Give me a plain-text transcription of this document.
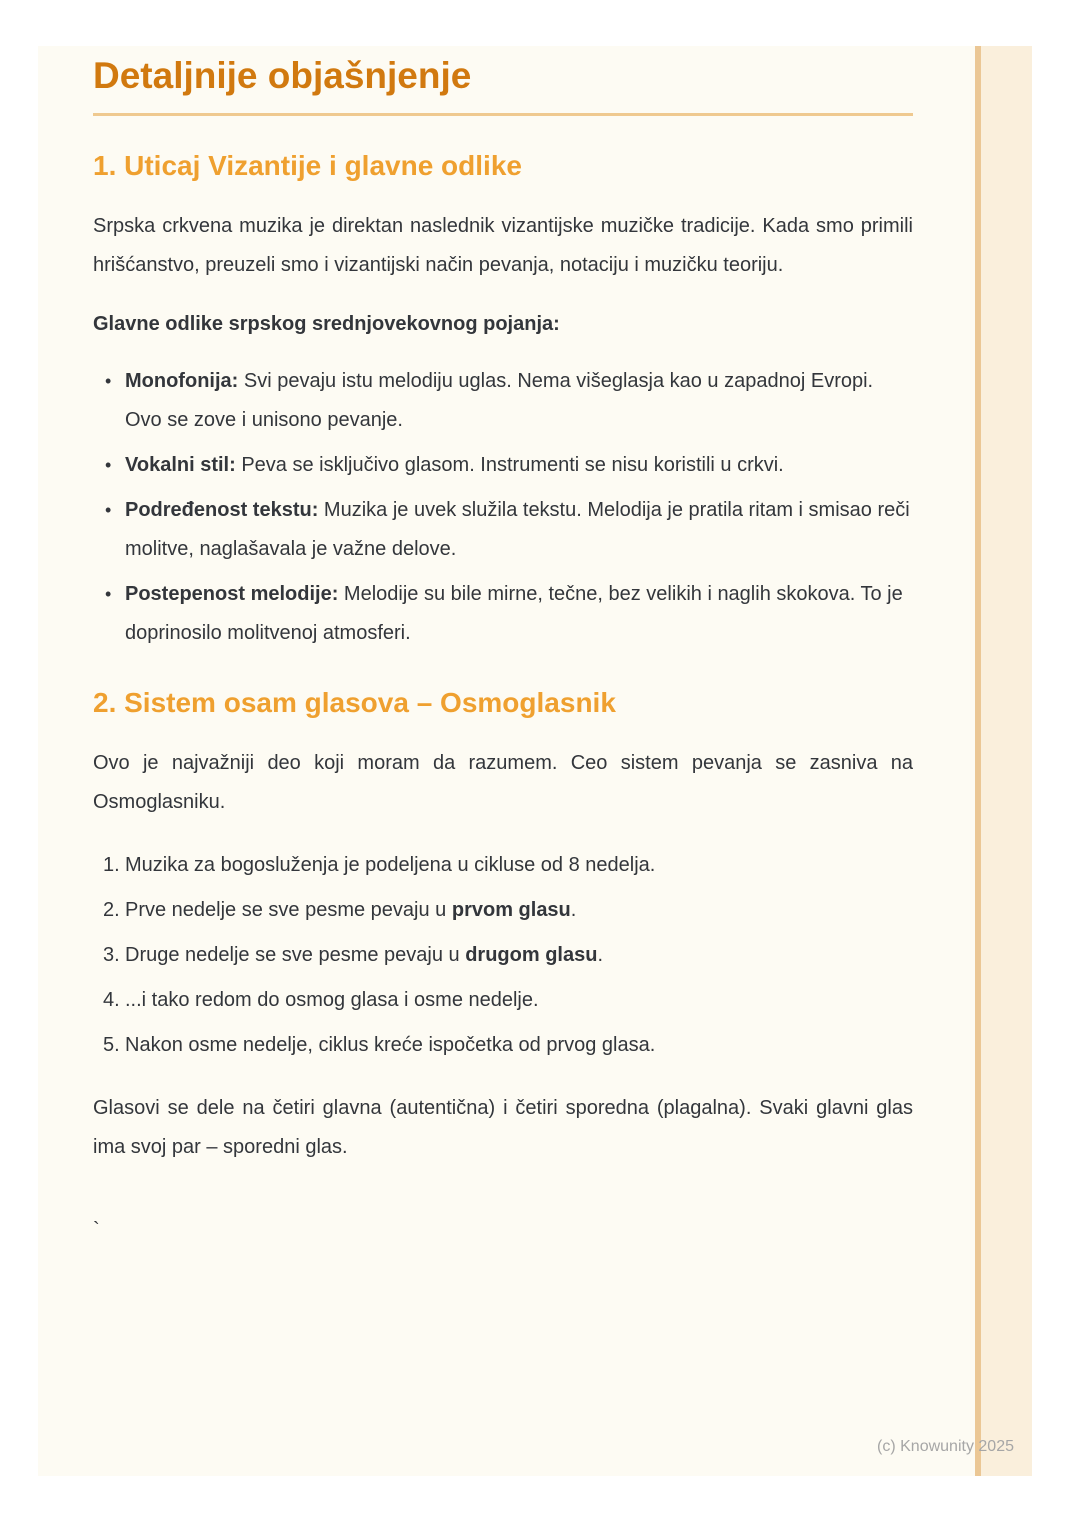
Detaljnije objašnjenje
1. Uticaj Vizantije i glavne odlike

Srpska crkvena muzika je direktan naslednik vizantijske muzičke tradicije. Kada smo primili hrišćanstvo, preuzeli smo i vizantijski način pevanja, notaciju i muzičku teoriju.

Glavne odlike srpskog srednjovekovnog pojanja:

• Monofonija: Svi pevaju istu melodiju uglas. Nema višeglasja kao u zapadnoj Evropi. Ovo se zove i unisono pevanje.
• Vokalni stil: Peva se isključivo glasom. Instrumenti se nisu koristili u crkvi.
• Podređenost tekstu: Muzika je uvek služila tekstu. Melodija je pratila ritam i smisao reči molitve, naglašavala je važne delove.
• Postepenost melodije: Melodije su bile mirne, tečne, bez velikih i naglih skokova. To je doprinosilo molitvenoj atmosferi.
2. Sistem osam glasova – Osmoglasnik

Ovo je najvažniji deo koji moram da razumem. Ceo sistem pevanja se zasniva na Osmoglasniku.

1. Muzika za bogosluženja je podeljena u cikluse od 8 nedelja.
2. Prve nedelje se sve pesme pevaju u prvom glasu.
3. Druge nedelje se sve pesme pevaju u drugom glasu.
4. ...i tako redom do osmog glasa i osme nedelje.
5. Nakon osme nedelje, ciklus kreće ispočetka od prvog glasa.

Glasovi se dele na četiri glavna (autentična) i četiri sporedna (plagalna). Svaki glavni glas ima svoj par – sporedni glas.

`
(c) Knowunity 2025
